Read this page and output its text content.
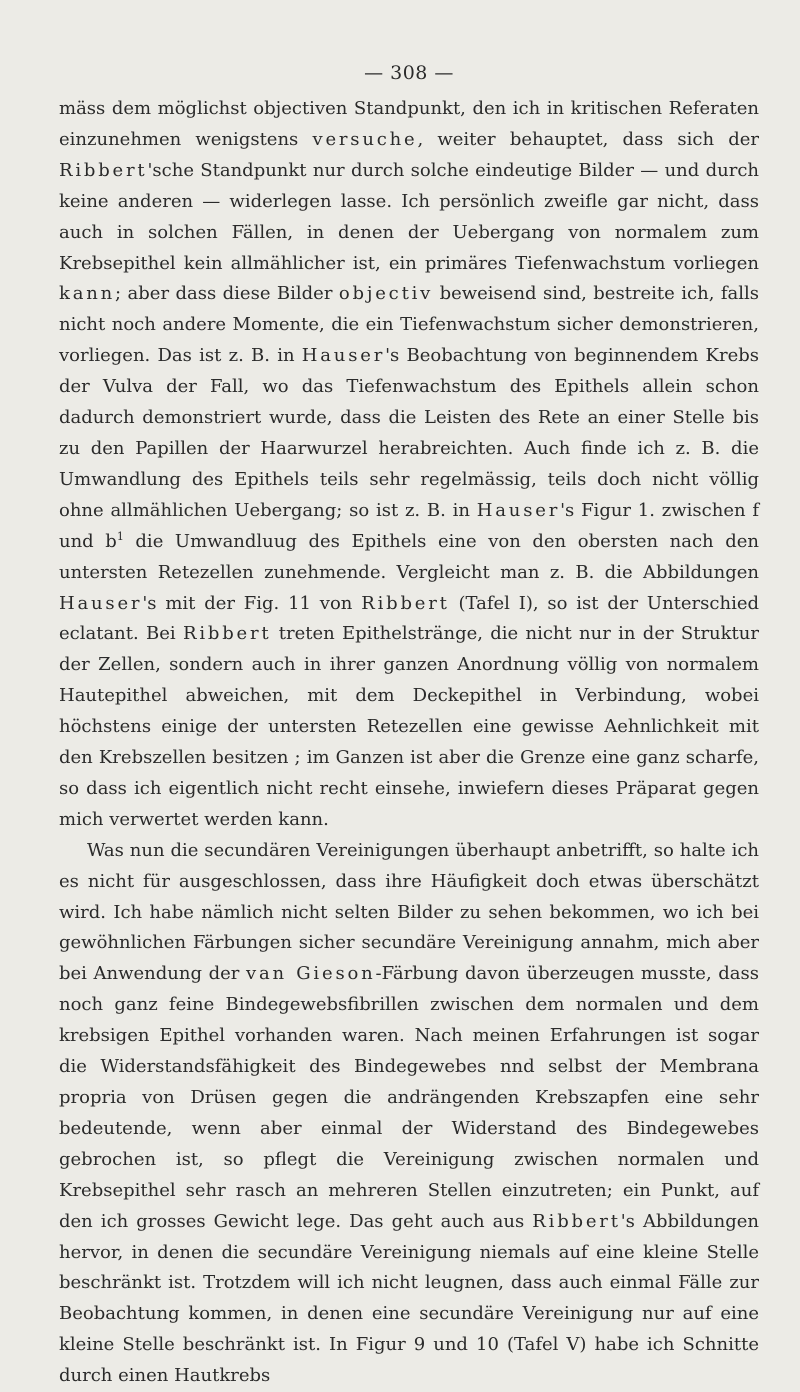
— 308 —

mäss dem möglichst objectiven Standpunkt, den ich in kritischen Referaten einzunehmen wenigstens versuche, weiter behauptet, dass sich der Ribbert'sche Standpunkt nur durch solche eindeutige Bilder — und durch keine anderen — widerlegen lasse. Ich persönlich zweifle gar nicht, dass auch in solchen Fällen, in denen der Uebergang von normalem zum Krebsepithel kein allmählicher ist, ein primäres Tiefenwachstum vorliegen kann; aber dass diese Bilder objectiv beweisend sind, bestreite ich, falls nicht noch andere Momente, die ein Tiefenwachstum sicher demonstrieren, vorliegen. Das ist z. B. in Hauser's Beobachtung von beginnendem Krebs der Vulva der Fall, wo das Tiefenwachstum des Epithels allein schon dadurch demonstriert wurde, dass die Leisten des Rete an einer Stelle bis zu den Papillen der Haarwurzel herabreichten. Auch finde ich z. B. die Umwandlung des Epithels teils sehr regelmässig, teils doch nicht völlig ohne allmählichen Uebergang; so ist z. B. in Hauser's Figur 1. zwischen f und $b^1$ die Umwandluug des Epithels eine von den obersten nach den untersten Retezellen zunehmende. Vergleicht man z. B. die Abbildungen Hauser's mit der Fig. 11 von Ribbert (Tafel I), so ist der Unterschied eclatant. Bei Ribbert treten Epithelstränge, die nicht nur in der Struktur der Zellen, sondern auch in ihrer ganzen Anordnung völlig von normalem Hautepithel abweichen, mit dem Deckepithel in Verbindung, wobei höchstens einige der untersten Retezellen eine gewisse Aehnlichkeit mit den Krebszellen besitzen ; im Ganzen ist aber die Grenze eine ganz scharfe, so dass ich eigentlich nicht recht einsehe, inwiefern dieses Präparat gegen mich verwertet werden kann.

Was nun die secundären Vereinigungen überhaupt anbetrifft, so halte ich es nicht für ausgeschlossen, dass ihre Häufigkeit doch etwas überschätzt wird. Ich habe nämlich nicht selten Bilder zu sehen bekommen, wo ich bei gewöhnlichen Färbungen sicher secundäre Vereinigung annahm, mich aber bei Anwendung der van Gieson-Färbung davon überzeugen musste, dass noch ganz feine Bindegewebsfibrillen zwischen dem normalen und dem krebsigen Epithel vorhanden waren. Nach meinen Erfahrungen ist sogar die Widerstandsfähigkeit des Bindegewebes nnd selbst der Membrana propria von Drüsen gegen die andrängenden Krebszapfen eine sehr bedeutende, wenn aber einmal der Widerstand des Bindegewebes gebrochen ist, so pflegt die Vereinigung zwischen normalen und Krebsepithel sehr rasch an mehreren Stellen einzutreten; ein Punkt, auf den ich grosses Gewicht lege. Das geht auch aus Ribbert's Abbildungen hervor, in denen die secundäre Vereinigung niemals auf eine kleine Stelle beschränkt ist. Trotzdem will ich nicht leugnen, dass auch einmal Fälle zur Beobachtung kommen, in denen eine secundäre Vereinigung nur auf eine kleine Stelle beschränkt ist. In Figur 9 und 10 (Tafel V) habe ich Schnitte durch einen Hautkrebs
